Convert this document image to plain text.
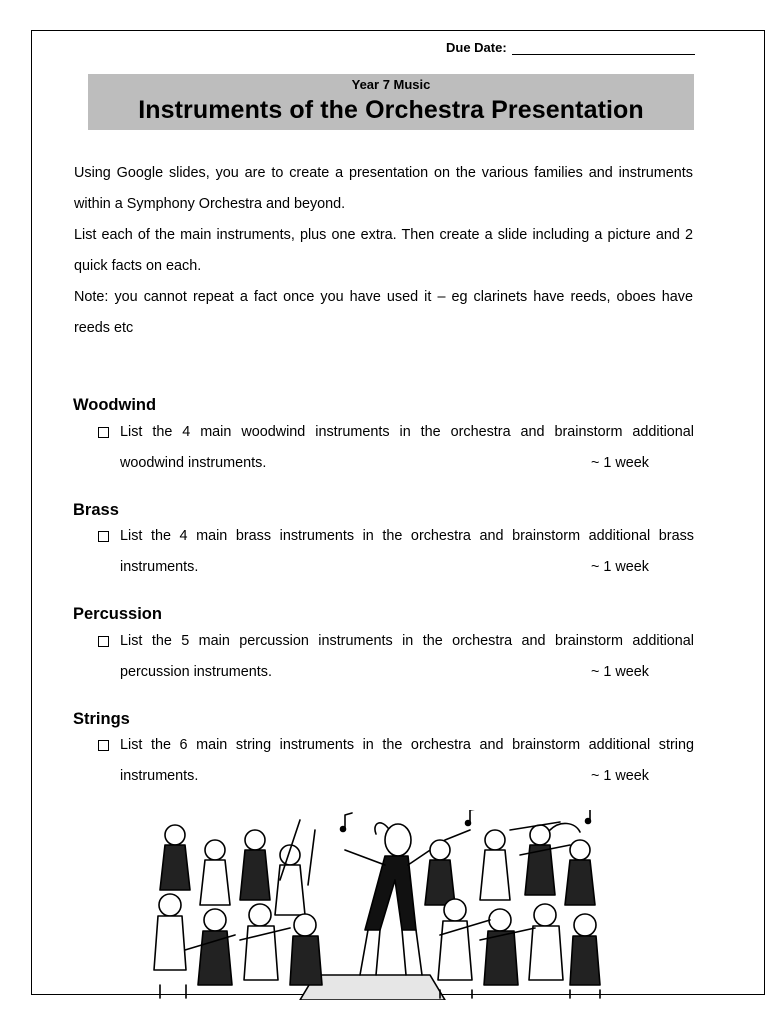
Due Date:
Year 7 Music
Instruments of the Orchestra Presentation

Using Google slides, you are to create a presentation on the various families and instruments within a Symphony Orchestra and beyond.

List each of the main instruments, plus one extra. Then create a slide including a picture and 2 quick facts on each.

Note: you cannot repeat a fact once you have used it – eg clarinets have reeds, oboes have reeds etc

Woodwind
List the 4 main woodwind instruments in the orchestra and brainstorm additional woodwind instruments.	~ 1 week
Brass
List the 4 main brass instruments in the orchestra and brainstorm additional brass instruments.	~ 1 week
Percussion
List the 5 main percussion instruments in the orchestra and brainstorm additional percussion instruments.	~ 1 week
Strings
List the 6 main string instruments in the orchestra and brainstorm additional string instruments.	~ 1 week
